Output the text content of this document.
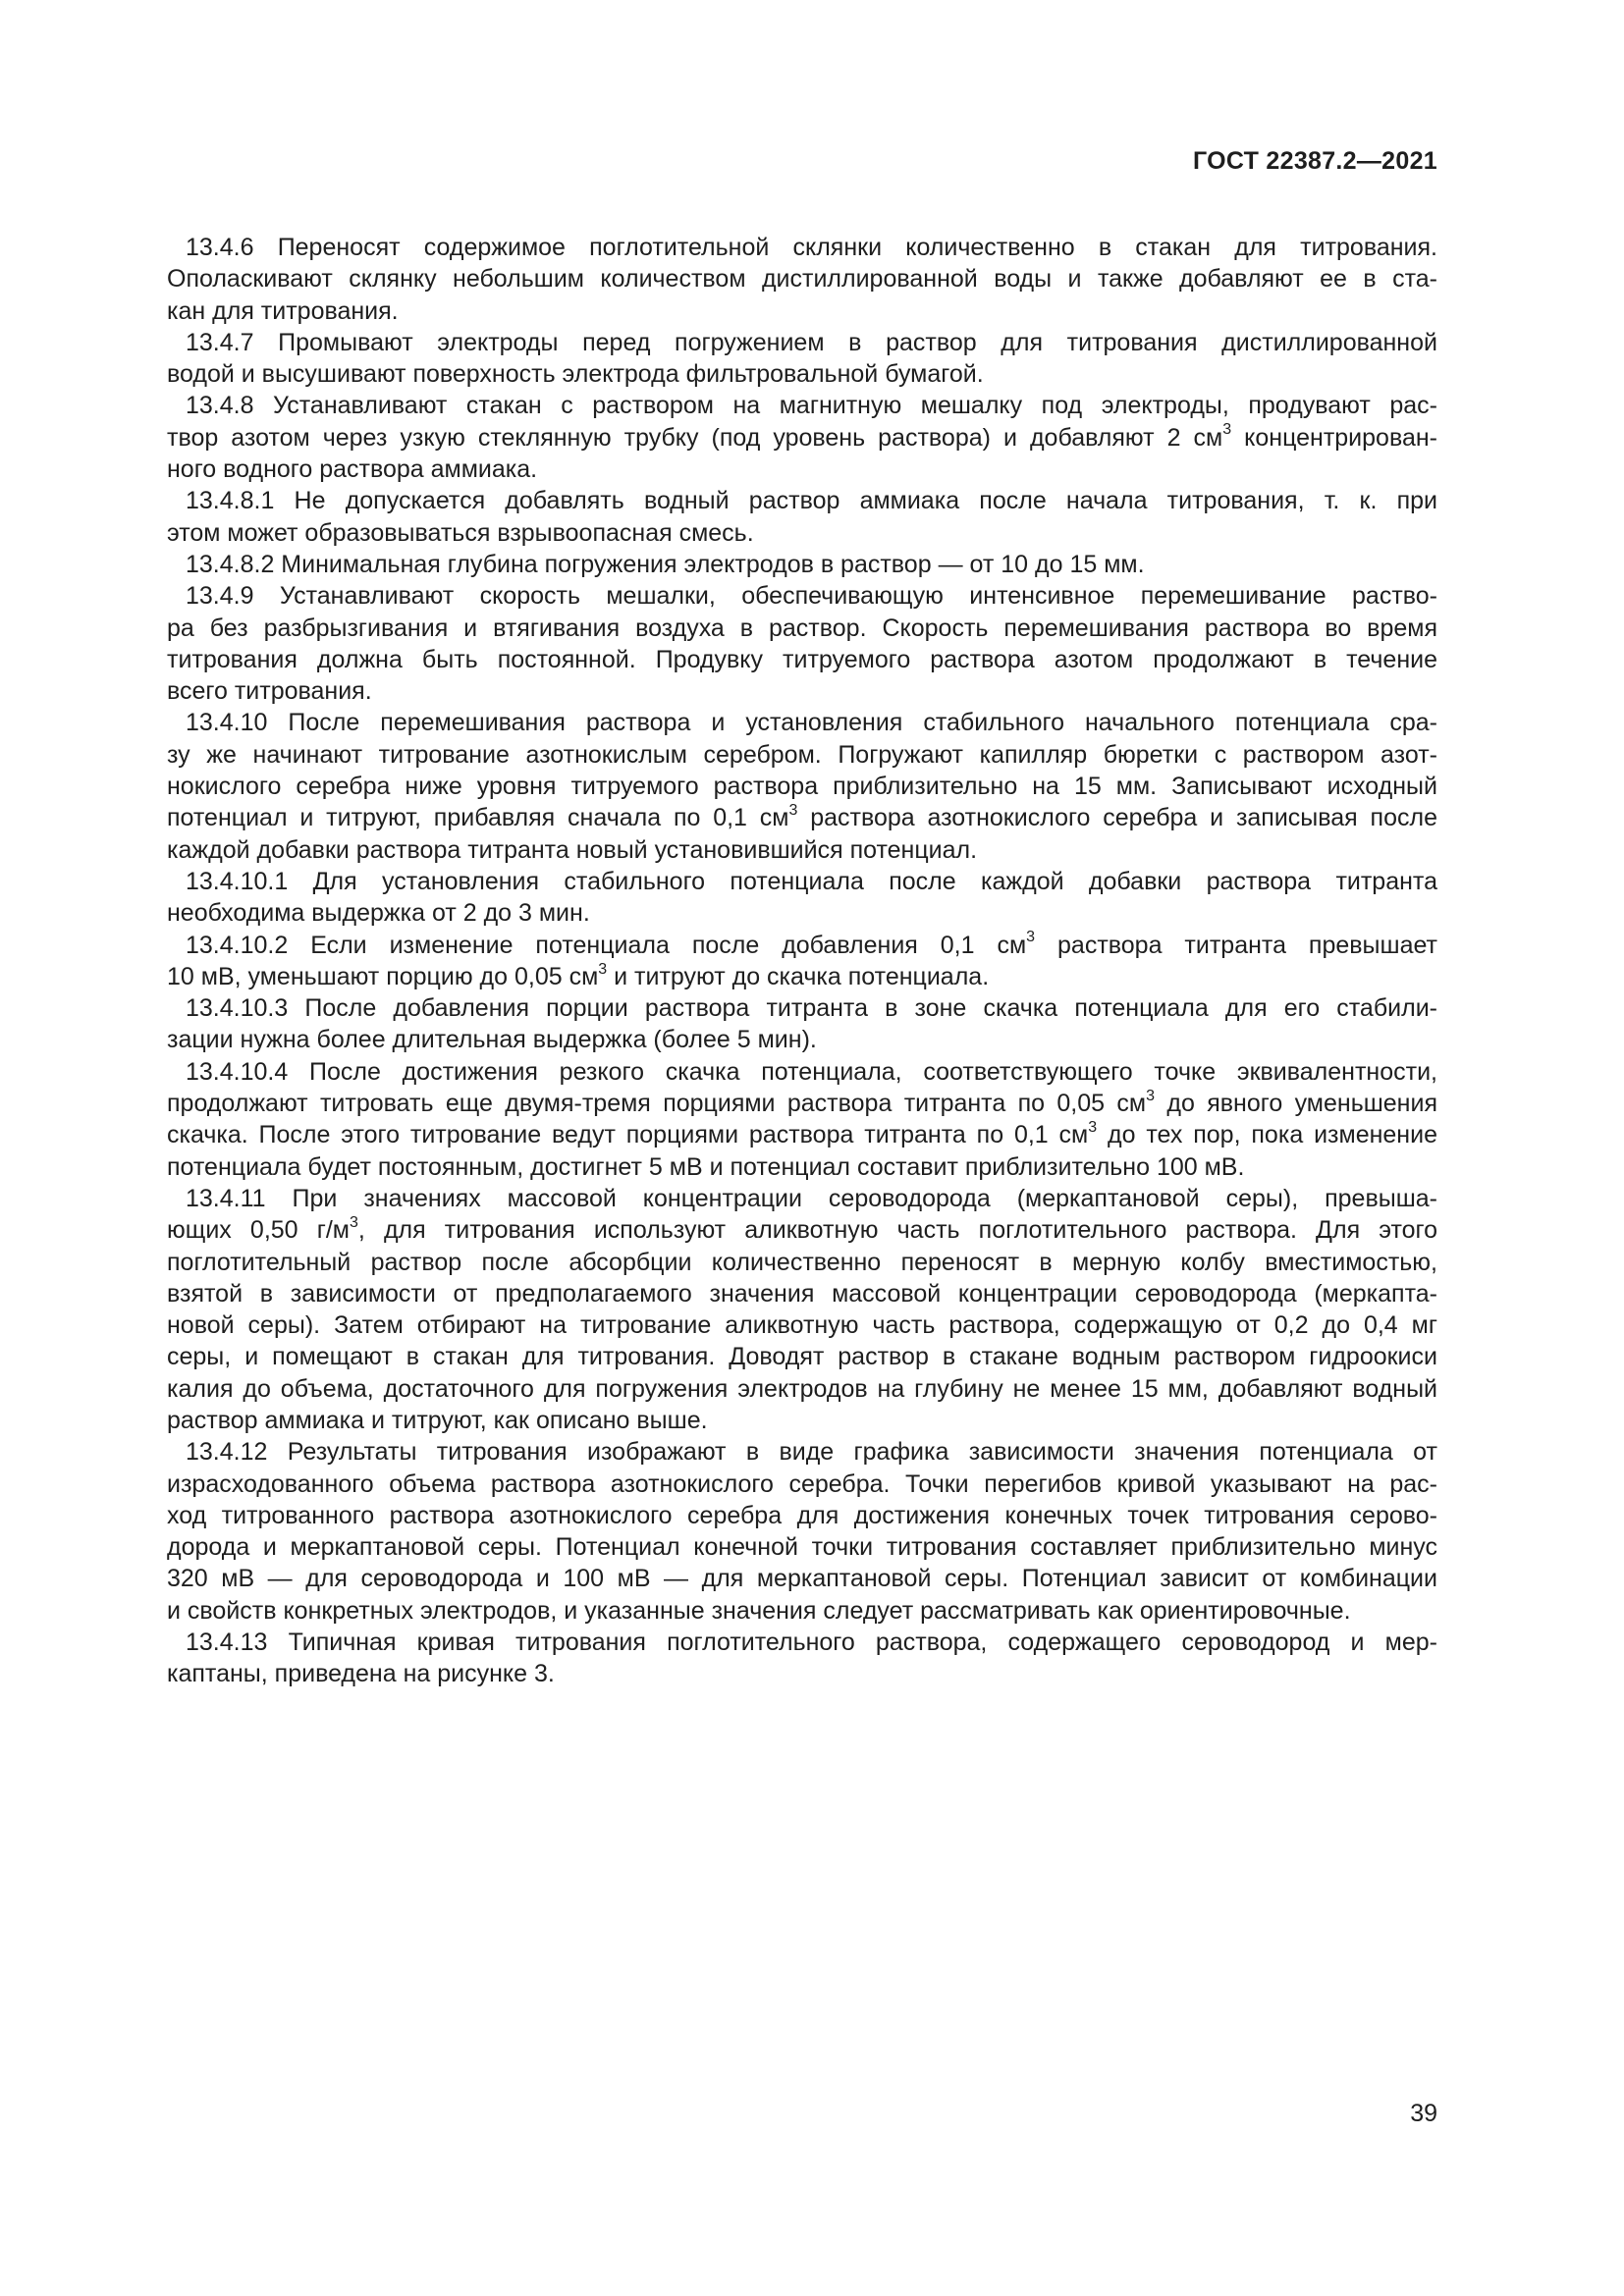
ГОСТ 22387.2—2021

13.4.6 Переносят содержимое поглотительной склянки количественно в стакан для титрования.
Ополаскивают склянку небольшим количеством дистиллированной воды и также добавляют ее в ста-
кан для титрования.

13.4.7 Промывают электроды перед погружением в раствор для титрования дистиллированной
водой и высушивают поверхность электрода фильтровальной бумагой.

13.4.8 Устанавливают стакан с раствором на магнитную мешалку под электроды, продувают рас-
твор азотом через узкую стеклянную трубку (под уровень раствора) и добавляют 2 $см^3$ концентрирован-
ного водного раствора аммиака.

13.4.8.1 Не допускается добавлять водный раствор аммиака после начала титрования, т. к. при
этом может образовываться взрывоопасная смесь.

13.4.8.2 Минимальная глубина погружения электродов в раствор — от 10 до 15 мм.

13.4.9 Устанавливают скорость мешалки, обеспечивающую интенсивное перемешивание раство-
ра без разбрызгивания и втягивания воздуха в раствор. Скорость перемешивания раствора во время
титрования должна быть постоянной. Продувку титруемого раствора азотом продолжают в течение
всего титрования.

13.4.10 После перемешивания раствора и установления стабильного начального потенциала сра-
зу же начинают титрование азотнокислым серебром. Погружают капилляр бюретки с раствором азот-
нокислого серебра ниже уровня титруемого раствора приблизительно на 15 мм. Записывают исходный
потенциал и титруют, прибавляя сначала по 0,1 $см^3$ раствора азотнокислого серебра и записывая после
каждой добавки раствора титранта новый установившийся потенциал.

13.4.10.1 Для установления стабильного потенциала после каждой добавки раствора титранта
необходима выдержка от 2 до 3 мин.

13.4.10.2 Если изменение потенциала после добавления 0,1 $см^3$ раствора титранта превышает
10 мВ, уменьшают порцию до 0,05 $см^3$ и титруют до скачка потенциала.

13.4.10.3 После добавления порции раствора титранта в зоне скачка потенциала для его стабили-
зации нужна более длительная выдержка (более 5 мин).

13.4.10.4 После достижения резкого скачка потенциала, соответствующего точке эквивалентности,
продолжают титровать еще двумя-тремя порциями раствора титранта по 0,05 $см^3$ до явного уменьшения
скачка. После этого титрование ведут порциями раствора титранта по 0,1 $см^3$ до тех пор, пока изменение
потенциала будет постоянным, достигнет 5 мВ и потенциал составит приблизительно 100 мВ.

13.4.11 При значениях массовой концентрации сероводорода (меркаптановой серы), превыша-
ющих 0,50 $г/м^3$, для титрования используют аликвотную часть поглотительного раствора. Для этого
поглотительный раствор после абсорбции количественно переносят в мерную колбу вместимостью,
взятой в зависимости от предполагаемого значения массовой концентрации сероводорода (меркапта-
новой серы). Затем отбирают на титрование аликвотную часть раствора, содержащую от 0,2 до 0,4 мг
серы, и помещают в стакан для титрования. Доводят раствор в стакане водным раствором гидроокиси
калия до объема, достаточного для погружения электродов на глубину не менее 15 мм, добавляют водный
раствор аммиака и титруют, как описано выше.

13.4.12 Результаты титрования изображают в виде графика зависимости значения потенциала от
израсходованного объема раствора азотнокислого серебра. Точки перегибов кривой указывают на рас-
ход титрованного раствора азотнокислого серебра для достижения конечных точек титрования серово-
дорода и меркаптановой серы. Потенциал конечной точки титрования составляет приблизительно минус
320 мВ — для сероводорода и 100 мВ — для меркаптановой серы. Потенциал зависит от комбинации
и свойств конкретных электродов, и указанные значения следует рассматривать как ориентировочные.

13.4.13 Типичная кривая титрования поглотительного раствора, содержащего сероводород и мер-
каптаны, приведена на рисунке 3.

39
